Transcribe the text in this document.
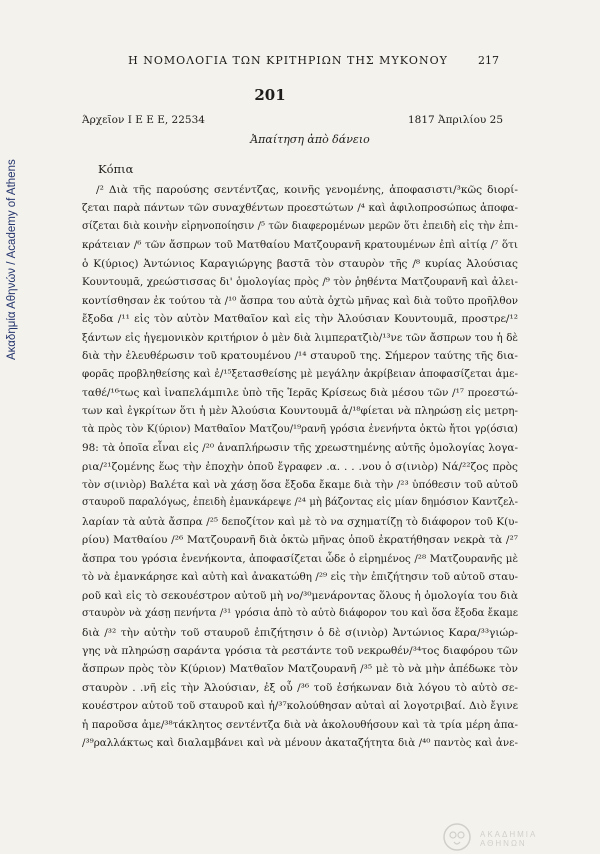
Ακαδημία Αθηνών / Academy of Athens
Η ΝΟΜΟΛΟΓΙΑ ΤΩΝ ΚΡΙΤΗΡΙΩΝ ΤΗΣ ΜΥΚΟΝΟΥ	217
201
Άρχεῖον Ι Ε Ε Ε, 22534	1817 Ἀπριλίου 25
Ἀπαίτηση ἀπὸ δάνειο
Κόπια
/² Διὰ τῆς παρούσης σεντέντζας, κοινῆς γενομένης, ἀποφασιστι/³κῶς διορί-
ζεται παρὰ πάντων τῶν συναχθέντων προεστώτων /⁴ καὶ ἀφιλοπροσώπως ἀποφα-
σίζεται διὰ κοινὴν εἰρηνοποίησιν /⁵ τῶν διαφερομένων μερῶν ὅτι ἐπειδὴ εἰς τὴν ἐπι-
κράτειαν /⁶ τῶν ἄσπρων τοῦ Ματθαίου Ματζουρανῆ κρατουμένων ἐπὶ αἰτίᾳ /⁷ ὅτι
ὁ Κ(ύριος) Ἀντώνιος Καραγιώργης βαστᾶ τὸν σταυρὸν τῆς /⁸ κυρίας Ἀλούσιας
Κουντουμᾶ, χρεώστισσας δι' ὁμολογίας πρὸς /⁹ τὸν ῥηθέντα Ματζουρανῆ καὶ ἀλει-
κοντίσθησαν ἐκ τούτου τὰ /¹⁰ ἄσπρα του αὐτὰ ὀχτὼ μῆνας καὶ διὰ τοῦτο προῆλθον
ἔξοδα /¹¹ εἰς τὸν αὐτὸν Ματθαῖον καὶ εἰς τὴν Ἀλούσιαν Κουντουμᾶ, προστρε/¹²
ξάντων εἰς ἡγεμονικὸν κριτήριον ὁ μὲν διὰ λιμπερατζιὸ/¹³νε τῶν ἄσπρων του ἡ δὲ
διὰ τὴν ἐλευθέρωσιν τοῦ κρατουμένου /¹⁴ σταυροῦ της. Σήμερον ταύτης τῆς δια-
φορᾶς προβληθείσης καὶ ἐ/¹⁵ξετασθείσης μὲ μεγάλην ἀκρίβειαν ἀποφασίζεται ἀμε-
ταθέ/¹⁶τως καὶ ἰναπελάμπιλε ὑπὸ τῆς Ἱερᾶς Κρίσεως διὰ μέσου τῶν /¹⁷ προεστώ-
των καὶ ἐγκρίτων ὅτι ἡ μὲν Ἀλούσια Κουντουμᾶ ἀ/¹⁸φίεται νὰ πληρώσῃ εἰς μετρη-
τὰ πρὸς τὸν Κ(ύριον) Ματθαῖον Ματζου/¹⁹ρανῆ γρόσια ἐνενήντα ὀκτὼ ἤτοι γρ(όσια)
98: τὰ ὁποῖα εἶναι εἰς /²⁰ ἀναπλήρωσιν τῆς χρεωστημένης αὐτῆς ὁμολογίας λογα-
ρια/²¹ζομένης ἕως τὴν ἐποχὴν ὁποῦ ἔγραφεν .α. . . .νου ὁ σ(ινιὸρ) Νά/²²ζος πρὸς
τὸν σ(ινιὸρ) Βαλέτα καὶ νὰ χάσῃ ὅσα ἔξοδα ἔκαμε διὰ τὴν /²³ ὑπόθεσιν τοῦ αὐτοῦ
σταυροῦ παραλόγως, ἐπειδὴ ἐμανκάρεψε /²⁴ μὴ βάζοντας εἰς μίαν δημόσιον Καντζελ-
λαρίαν τὰ αὐτὰ ἄσπρα /²⁵ δεποζίτον καὶ μὲ τὸ να σχηματίζῃ τὸ διάφορον τοῦ Κ(υ-
ρίου) Ματθαίου /²⁶ Ματζουρανῆ διὰ ὀκτὼ μῆνας ὁποῦ ἐκρατήθησαν νεκρὰ τὰ /²⁷
ἄσπρα του γρόσια ἐνενήκοντα, ἀποφασίζεται ὧδε ὁ εἰρημένος /²⁸ Ματζουρανῆς μὲ
τὸ νὰ ἐμανκάρησε καὶ αὐτὴ καὶ ἀνακατώθη /²⁹ εἰς τὴν ἐπιζήτησιν τοῦ αὐτοῦ σταυ-
ροῦ καὶ εἰς τὸ σεκουέστρον αὐτοῦ μὴ νο/³⁰μενάροντας ὅλους ἡ ὁμολογία του διὰ
σταυρὸν νὰ χάσῃ πενήντα /³¹ γρόσια ἀπὸ τὸ αὐτὸ διάφορον του καὶ ὅσα ἔξοδα ἔκαμε
διὰ /³² τὴν αὐτὴν τοῦ σταυροῦ ἐπιζήτησιν ὁ δὲ σ(ινιὸρ) Ἀντώνιος Καρα/³³γιώρ-
γης νὰ πληρώσῃ σαράντα γρόσια τὰ ρεστάντε τοῦ νεκρωθέν/³⁴τος διαφόρου τῶν
ἄσπρων πρὸς τὸν Κ(ύριον) Ματθαῖον Ματζουρανῆ /³⁵ μὲ τὸ νὰ μὴν ἀπέδωκε τὸν
σταυρὸν . .νῆ εἰς τὴν Ἀλούσιαν, ἐξ οὗ /³⁶ τοῦ ἐσήκωναν διὰ λόγου τὸ αὐτὸ σε-
κουέστρον αὐτοῦ τοῦ σταυροῦ καὶ ἠ/³⁷κολούθησαν αὐταὶ αἱ λογοτριβαί. Διὸ ἔγινε
ἡ παροῦσα ἀμε/³⁸τάκλητος σεντέντζα διὰ νὰ ἀκολουθήσουν καὶ τὰ τρία μέρη ἀπα-
/³⁹ραλλάκτως καὶ διαλαμβάνει καὶ νὰ μένουν ἀκαταζήτητα διὰ /⁴⁰ παντὸς καὶ ἀνε-
ΑΚΑΔΗΜΙΑ ΑΘΗΝΩΝ
